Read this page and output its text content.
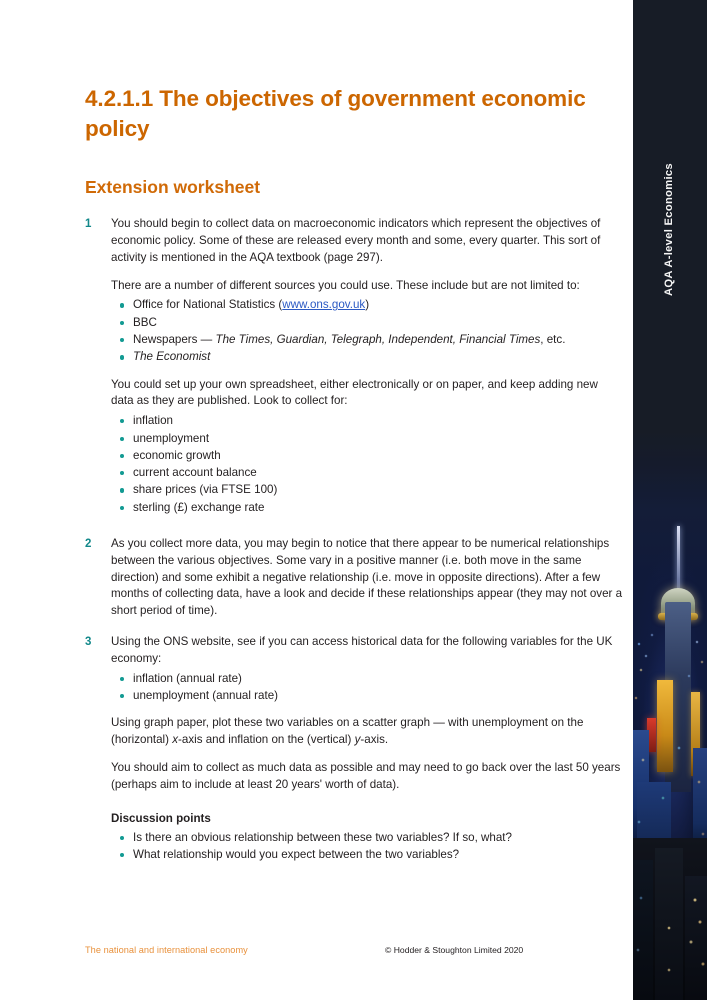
4.2.1.1 The objectives of government economic policy
Extension worksheet
1	You should begin to collect data on macroeconomic indicators which represent the objectives of economic policy. Some of these are released every month and some, every quarter. This sort of activity is mentioned in the AQA textbook (page 297).

There are a number of different sources you could use. These include but are not limited to:

Office for National Statistics (www.ons.gov.uk)
BBC
Newspapers — The Times, Guardian, Telegraph, Independent, Financial Times, etc.
The Economist

You could set up your own spreadsheet, either electronically or on paper, and keep adding new data as they are published. Look to collect for:

inflation
unemployment
economic growth
current account balance
share prices (via FTSE 100)
sterling (£) exchange rate
2	As you collect more data, you may begin to notice that there appear to be numerical relationships between the various objectives. Some vary in a positive manner (i.e. both move in the same direction) and some exhibit a negative relationship (i.e. move in opposite directions). After a few months of collecting data, have a look and decide if these relationships appear (they may not over a short period of time).

3	Using the ONS website, see if you can access historical data for the following variables for the UK economy:

inflation (annual rate)
unemployment (annual rate)

Using graph paper, plot these two variables on a scatter graph — with unemployment on the (horizontal) x-axis and inflation on the (vertical) y-axis.

You should aim to collect as much data as possible and may need to go back over the last 50 years (perhaps aim to include at least 20 years' worth of data).

Discussion points
Is there an obvious relationship between these two variables? If so, what?
What relationship would you expect between the two variables?
The national and international economy	© Hodder & Stoughton Limited 2020
AQA A-level Economics
